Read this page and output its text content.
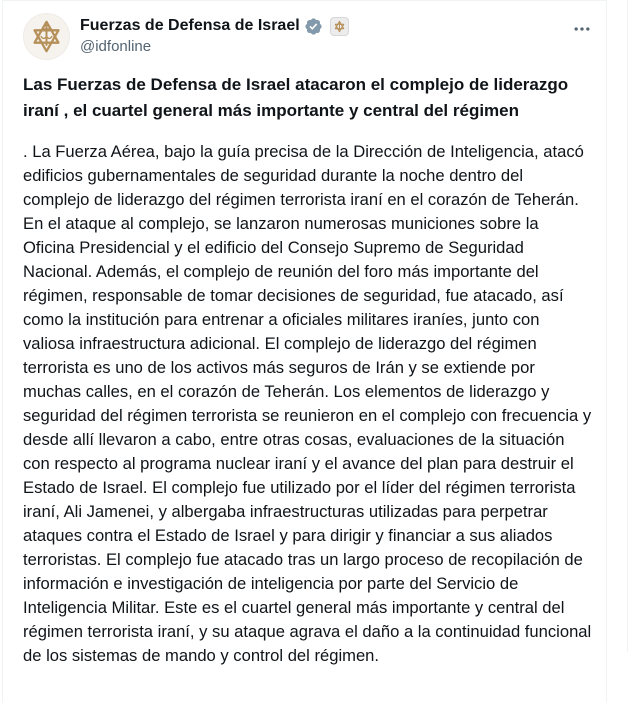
Fuerzas de Defensa de Israel
@idfonline

Las Fuerzas de Defensa de Israel atacaron el complejo de liderazgo iraní , el cuartel general más importante y central del régimen

. La Fuerza Aérea, bajo la guía precisa de la Dirección de Inteligencia, atacó edificios gubernamentales de seguridad durante la noche dentro del complejo de liderazgo del régimen terrorista iraní en el corazón de Teherán. En el ataque al complejo, se lanzaron numerosas municiones sobre la Oficina Presidencial y el edificio del Consejo Supremo de Seguridad Nacional. Además, el complejo de reunión del foro más importante del régimen, responsable de tomar decisiones de seguridad, fue atacado, así como la institución para entrenar a oficiales militares iraníes, junto con valiosa infraestructura adicional. El complejo de liderazgo del régimen terrorista es uno de los activos más seguros de Irán y se extiende por muchas calles, en el corazón de Teherán. Los elementos de liderazgo y seguridad del régimen terrorista se reunieron en el complejo con frecuencia y desde allí llevaron a cabo, entre otras cosas, evaluaciones de la situación con respecto al programa nuclear iraní y el avance del plan para destruir el Estado de Israel. El complejo fue utilizado por el líder del régimen terrorista iraní, Ali Jamenei, y albergaba infraestructuras utilizadas para perpetrar ataques contra el Estado de Israel y para dirigir y financiar a sus aliados terroristas. El complejo fue atacado tras un largo proceso de recopilación de información e investigación de inteligencia por parte del Servicio de Inteligencia Militar. Este es el cuartel general más importante y central del régimen terrorista iraní, y su ataque agrava el daño a la continuidad funcional de los sistemas de mando y control del régimen.
